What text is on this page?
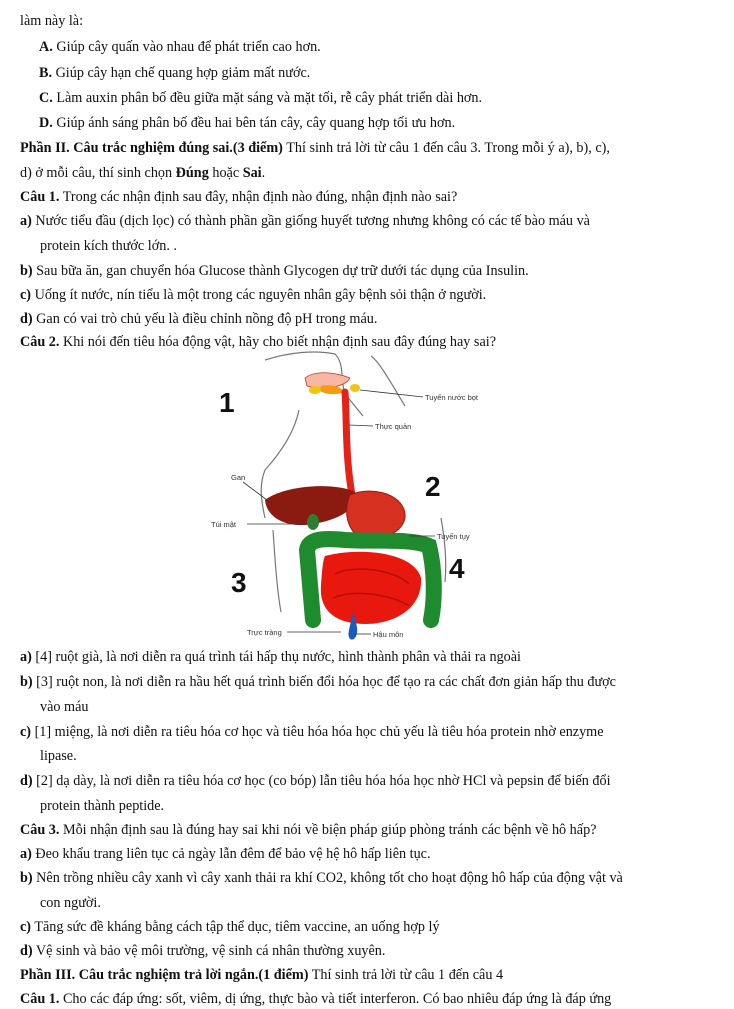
làm này là:
A. Giúp cây quấn vào nhau để phát triển cao hơn.
B. Giúp cây hạn chế quang hợp giảm mất nước.
C. Làm auxin phân bố đều giữa mặt sáng và mặt tối, rễ cây phát triển dài hơn.
D. Giúp ánh sáng phân bố đều hai bên tán cây, cây quang hợp tối ưu hơn.
Phần II. Câu trắc nghiệm đúng sai.(3 điểm) Thí sinh trả lời từ câu 1 đến câu 3. Trong mỗi ý a), b), c),
d) ở mỗi câu, thí sinh chọn Đúng hoặc Sai.
Câu 1. Trong các nhận định sau đây, nhận định nào đúng, nhận định nào sai?
a) Nước tiểu đầu (dịch lọc) có thành phần gần giống huyết tương nhưng không có các tế bào máu và
protein kích thước lớn. .
b) Sau bữa ăn, gan chuyển hóa Glucose thành Glycogen dự trữ dưới tác dụng của Insulin.
c) Uống ít nước, nín tiểu là một trong các nguyên nhân gây bệnh sỏi thận ở người.
d) Gan có vai trò chủ yếu là điều chỉnh nồng độ pH trong máu.
Câu 2. Khi nói đến tiêu hóa động vật, hãy cho biết nhận định sau đây đúng hay sai?
1
2
3	4
Tuyến nước bọt
Thực quản
Gan
Túi mật
Tuyến tụy
Trực tràng	Hậu môn
a) [4] ruột già, là nơi diễn ra quá trình tái hấp thụ nước, hình thành phân và thải ra ngoài
b) [3] ruột non, là nơi diễn ra hầu hết quá trình biến đổi hóa học để tạo ra các chất đơn giản hấp thu được
vào máu
c) [1] miệng, là nơi diễn ra tiêu hóa cơ học và tiêu hóa hóa học chủ yếu là tiêu hóa protein nhờ enzyme
lipase.
d) [2] dạ dày, là nơi diễn ra tiêu hóa cơ học (co bóp) lẫn tiêu hóa hóa học nhờ HCl và pepsin để biến đổi
protein thành peptide.
Câu 3. Mỗi nhận định sau là đúng hay sai khi nói về biện pháp giúp phòng tránh các bệnh về hô hấp?
a) Đeo khẩu trang liên tục cả ngày lẫn đêm để bảo vệ hệ hô hấp liên tục.
b) Nên trồng nhiều cây xanh vì cây xanh thải ra khí CO2, không tốt cho hoạt động hô hấp của động vật và
con người.
c) Tăng sức đề kháng bằng cách tập thể dục, tiêm vaccine, an uống hợp lý
d) Vệ sinh và bảo vệ môi trường, vệ sinh cá nhân thường xuyên.
Phần III. Câu trắc nghiệm trả lời ngắn.(1 điểm) Thí sinh trả lời từ câu 1 đến câu 4
Câu 1. Cho các đáp ứng: sốt, viêm, dị ứng, thực bào và tiết interferon. Có bao nhiêu đáp ứng là đáp ứng
